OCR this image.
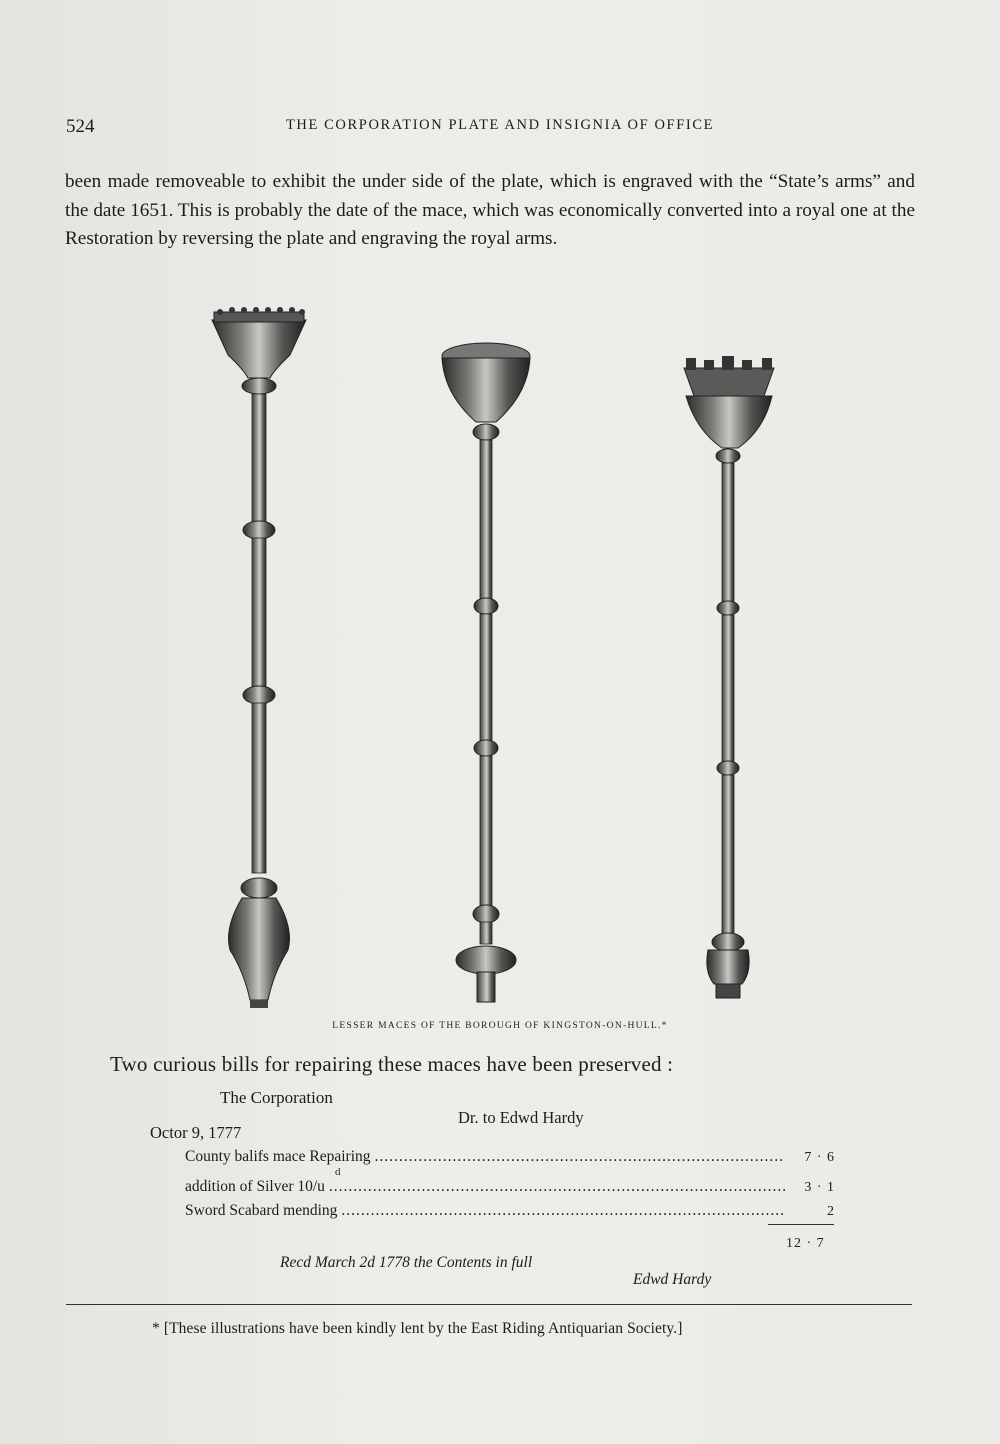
524	THE CORPORATION PLATE AND INSIGNIA OF OFFICE
been made removeable to exhibit the under side of the plate, which is engraved with the “State’s arms” and the date 1651. This is probably the date of the mace, which was economically converted into a royal one at the Restoration by reversing the plate and engraving the royal arms.
LESSER MACES OF THE BOROUGH OF KINGSTON-ON-HULL.*
Two curious bills for repairing these maces have been preserved :
The Corporation
Dr. to Edwd Hardy
Octor 9, 1777
d
County balifs mace Repairing .....	7 · 6
addition of Silver 10/u .....	3 · 1
Sword Scabard mending .....	2
12 · 7
Recd March 2d 1778 the Contents in full
Edwd Hardy
* [These illustrations have been kindly lent by the East Riding Antiquarian Society.]
